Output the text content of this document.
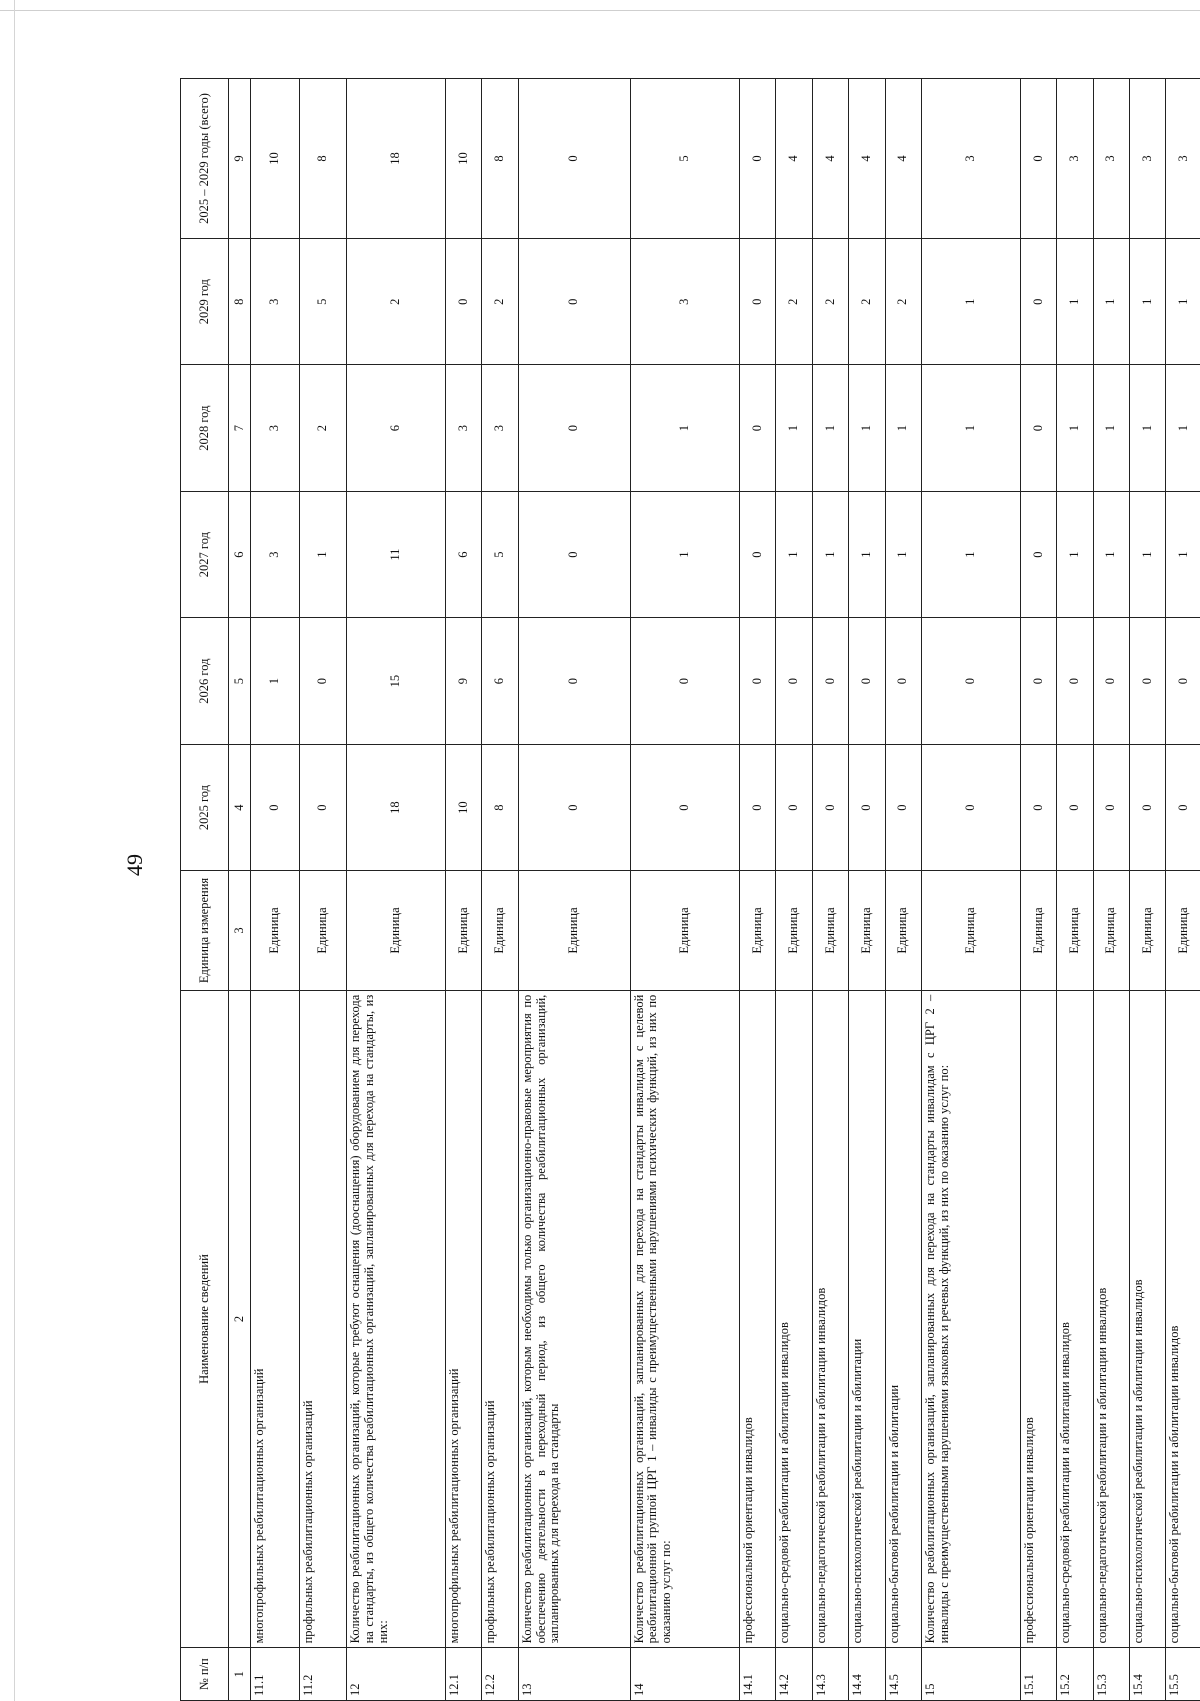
49
№ п/п	Наименование сведений	Единица измерения	2025 год	2026 год	2027 год	2028 год	2029 год	2025 – 2029 годы (всего)
1	2	3	4	5	6	7	8	9
11.1	многопрофильных реабилитационных организаций	Единица	0	1	3	3	3	10
11.2	профильных реабилитационных организаций	Единица	0	0	1	2	5	8
12	Количество реабилитационных организаций, которые требуют оснащения (дооснащения) оборудованием для перехода на стандарты, из общего количества реабилитационных организаций, запланированных для перехода на стандарты, из них:	Единица	18	15	11	6	2	18
12.1	многопрофильных реабилитационных организаций	Единица	10	9	6	3	0	10
12.2	профильных реабилитационных организаций	Единица	8	6	5	3	2	8
13	Количество реабилитационных организаций, которым необходимы только организационно-правовые мероприятия по обеспечению деятельности в переходный период, из общего количества реабилитационных организаций, запланированных для перехода на стандарты	Единица	0	0	0	0	0	0
14	Количество реабилитационных организаций, запланированных для перехода на стандарты инвалидам с целевой реабилитационной группой ЦРГ 1 – инвалиды с преимущественными нарушениями психических функций, из них по оказанию услуг по:	Единица	0	0	1	1	3	5
14.1	профессиональной ориентации инвалидов	Единица	0	0	0	0	0	0
14.2	социально-средовой реабилитации и абилитации инвалидов	Единица	0	0	1	1	2	4
14.3	социально-педагогической реабилитации и абилитации инвалидов	Единица	0	0	1	1	2	4
14.4	социально-психологической реабилитации и абилитации	Единица	0	0	1	1	2	4
14.5	социально-бытовой реабилитации и абилитации	Единица	0	0	1	1	2	4
15	Количество реабилитационных организаций, запланированных для перехода на стандарты инвалидам с ЦРГ 2 – инвалиды с преимущественными нарушениями языковых и речевых функций, из них по оказанию услуг по:	Единица	0	0	1	1	1	3
15.1	профессиональной ориентации инвалидов	Единица	0	0	0	0	0	0
15.2	социально-средовой реабилитации и абилитации инвалидов	Единица	0	0	1	1	1	3
15.3	социально-педагогической реабилитации и абилитации инвалидов	Единица	0	0	1	1	1	3
15.4	социально-психологической реабилитации и абилитации инвалидов	Единица	0	0	1	1	1	3
15.5	социально-бытовой реабилитации и абилитации инвалидов	Единица	0	0	1	1	1	3
